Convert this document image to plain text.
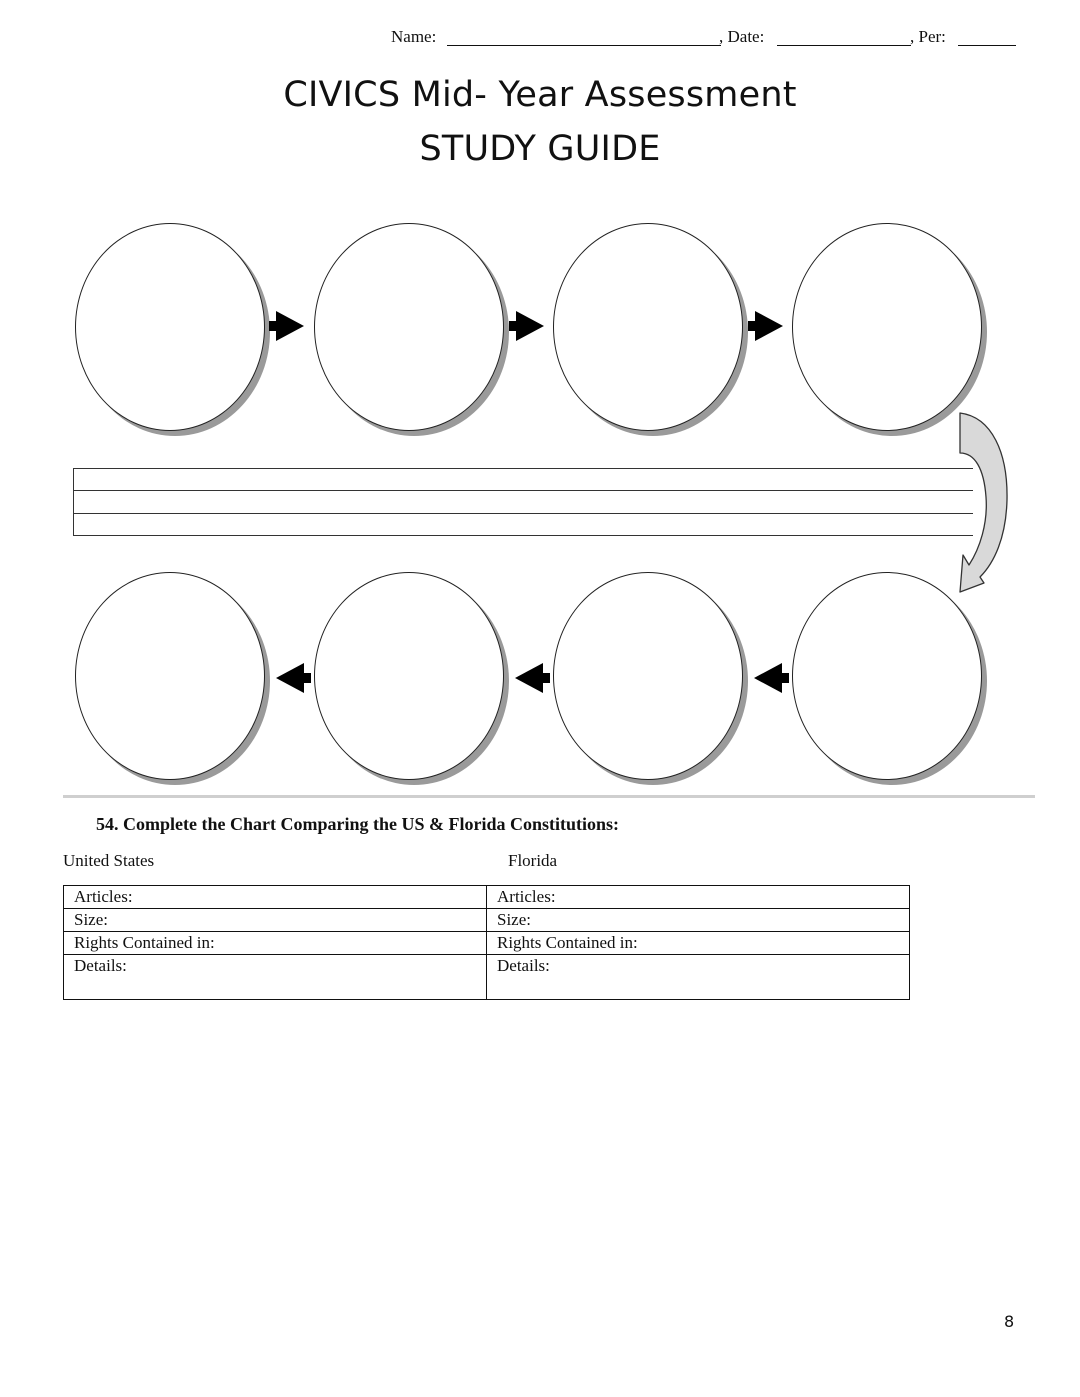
Name:	, Date:	, Per:
CIVICS Mid- Year Assessment
STUDY GUIDE
54. Complete the Chart Comparing the US & Florida Constitutions:
United States	Florida
Articles:	Articles:
Size:	Size:
Rights Contained in:	Rights Contained in:
Details:	Details:
8
